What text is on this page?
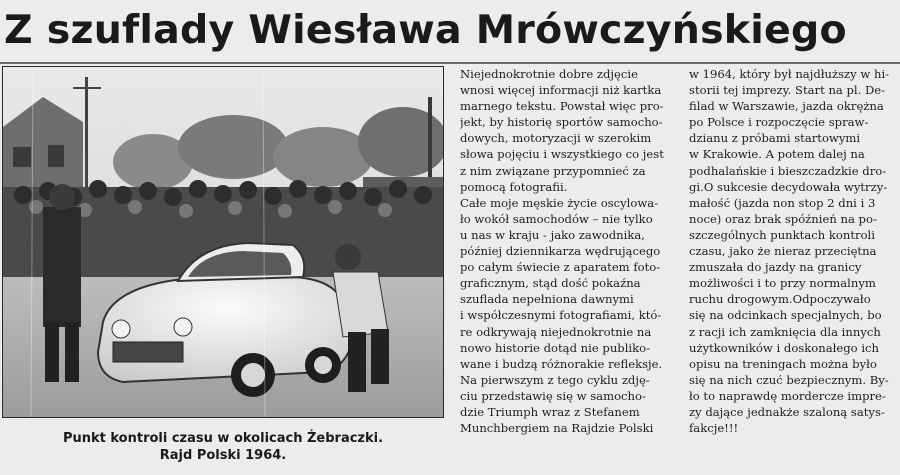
Z szuflady Wiesława Mrówczyńskiego
Punkt kontroli czasu w okolicach Żebraczki.
Rajd Polski 1964.
Niejednokrotnie dobre zdjęcie
wnosi więcej informacji niż kartka
marnego tekstu. Powstał więc pro-
jekt, by historię sportów samocho-
dowych, motoryzacji w szerokim
słowa pojęciu i wszystkiego co jest
z nim związane przypomnieć za
pomocą fotografii.
Całe moje męskie życie oscylowa-
ło wokół samochodów – nie tylko
u nas w kraju - jako zawodnika,
później dziennikarza wędrującego
po całym świecie z aparatem foto-
graficznym, stąd dość pokaźna
szuflada nepełniona dawnymi
i współczesnymi fotografiami, któ-
re odkrywają niejednokrotnie na
nowo historie dotąd nie publiko-
wane i budzą różnorakie refleksje.
Na pierwszym z tego cyklu zdję-
ciu przedstawię się w samocho-
dzie Triumph wraz z Stefanem
Munchbergiem na Rajdzie Polski
w 1964, który był najdłuższy w hi-
storii tej imprezy. Start na pl. De-
filad w Warszawie, jazda okrężna
po Polsce i rozpoczęcie spraw-
dzianu z próbami startowymi
w Krakowie. A potem dalej na
podhalańskie i bieszczadzkie dro-
gi.O sukcesie decydowała wytrzy-
małość (jazda non stop 2 dni i 3
noce) oraz brak spóźnień na po-
szczególnych punktach kontroli
czasu, jako że nieraz przeciętna
zmuszała do jazdy na granicy
możliwości i to przy normalnym
ruchu drogowym.Odpoczywało
się na odcinkach specjalnych, bo
z racji ich zamknięcia dla innych
użytkowników i doskonałego ich
opisu na treningach można było
się na nich czuć bezpiecznym. By-
ło to naprawdę mordercze impre-
zy dające jednakże szaloną satys-
fakcje!!!
